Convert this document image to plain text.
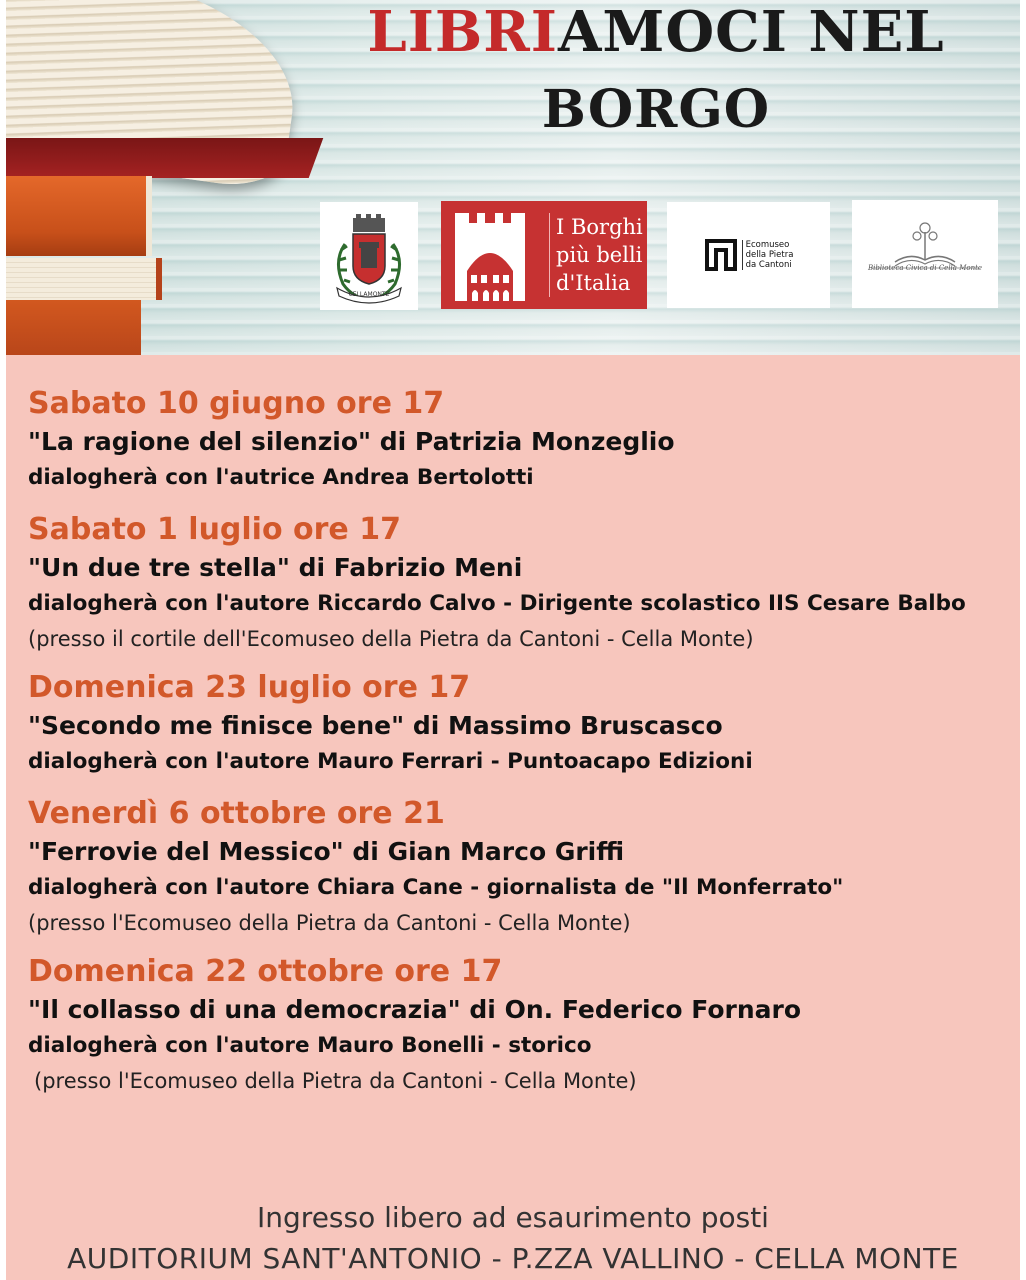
LIBRIAMOCI NEL
BORGO
CELLAMONTE
I Borghi
più belli
d'Italia
Ecomuseo
della Pietra
da Cantoni	Biblioteca Civica di Cella Monte

Sabato 10 giugno ore 17

"La ragione del silenzio" di Patrizia Monzeglio

dialogherà con l'autrice Andrea Bertolotti

Sabato 1 luglio ore 17

"Un due tre stella" di Fabrizio Meni

dialogherà con l'autore Riccardo Calvo - Dirigente scolastico IIS Cesare Balbo

(presso il cortile dell'Ecomuseo della Pietra da Cantoni - Cella Monte)

Domenica 23 luglio ore 17

"Secondo me finisce bene" di Massimo Bruscasco

dialogherà con l'autore Mauro Ferrari - Puntoacapo Edizioni

Venerdì 6 ottobre ore 21

"Ferrovie del Messico" di Gian Marco Griffi

dialogherà con l'autore Chiara Cane - giornalista de "Il Monferrato"

(presso l'Ecomuseo della Pietra da Cantoni - Cella Monte)

Domenica 22 ottobre ore 17

"Il collasso di una democrazia" di On. Federico Fornaro

dialogherà con l'autore Mauro Bonelli - storico

(presso l'Ecomuseo della Pietra da Cantoni - Cella Monte)

Ingresso libero ad esaurimento posti

AUDITORIUM SANT'ANTONIO - P.ZZA VALLINO - CELLA MONTE
